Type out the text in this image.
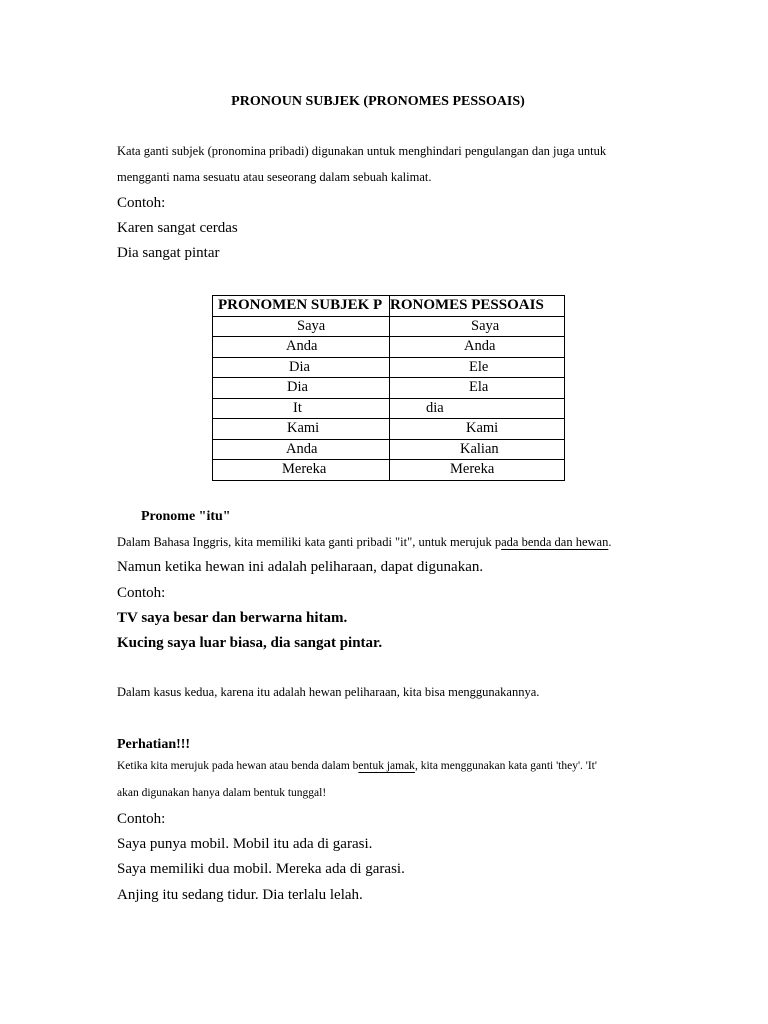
PRONOUN SUBJEK (PRONOMES PESSOAIS)
Kata ganti subjek (pronomina pribadi) digunakan untuk menghindari pengulangan dan juga untuk
mengganti nama sesuatu atau seseorang dalam sebuah kalimat.
Contoh:
Karen sangat cerdas
Dia sangat pintar
PRONOMEN SUBJEK P	RONOMES PESSOAIS
Saya	Saya
Anda	Anda
Dia	Ele
Dia	Ela
It	dia
Kami	Kami
Anda	Kalian
Mereka	Mereka
Pronome "itu"
Dalam Bahasa Inggris, kita memiliki kata ganti pribadi "it", untuk merujuk pada benda dan hewan.
Namun ketika hewan ini adalah peliharaan, dapat digunakan.
Contoh:
TV saya besar dan berwarna hitam.
Kucing saya luar biasa, dia sangat pintar.
Dalam kasus kedua, karena itu adalah hewan peliharaan, kita bisa menggunakannya.
Perhatian!!!
Ketika kita merujuk pada hewan atau benda dalam bentuk jamak, kita menggunakan kata ganti 'they'. 'It'
akan digunakan hanya dalam bentuk tunggal!
Contoh:
Saya punya mobil. Mobil itu ada di garasi.
Saya memiliki dua mobil. Mereka ada di garasi.
Anjing itu sedang tidur. Dia terlalu lelah.
